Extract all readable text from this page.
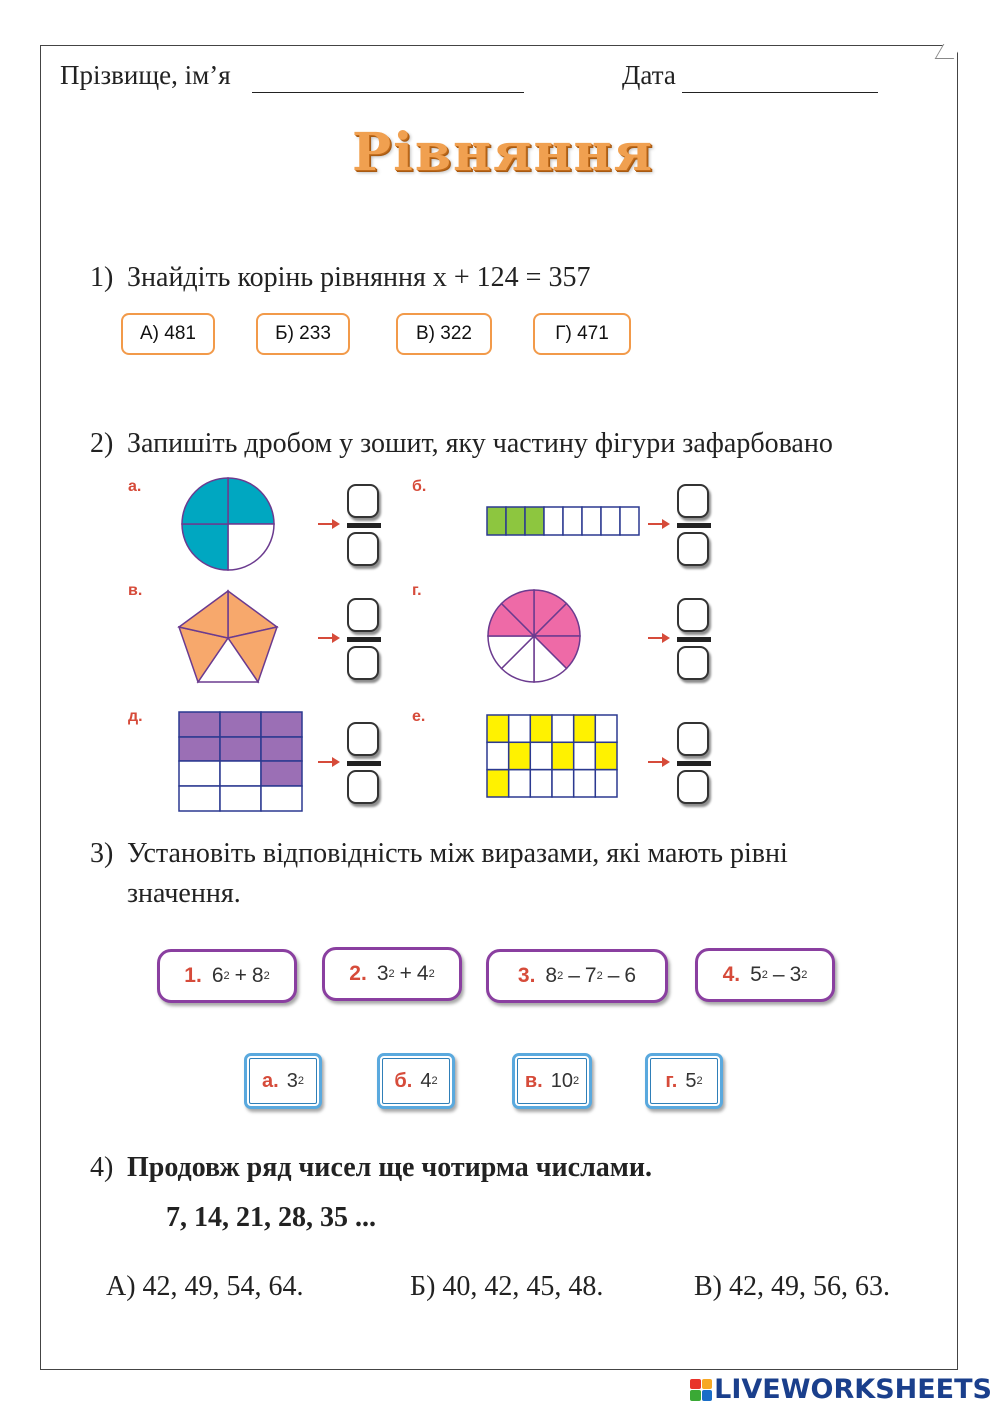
Прізвище, ім’я	Дата
Рівняння
1) Знайдіть корінь рівняння x + 124 = 357
А) 481	Б) 233	В) 322	Г) 471
2) Запишіть дробом у зошит, яку частину фігури зафарбовано
а.	б.
в.	г.
д.	е.
3) Установіть відповідність між виразами, які мають рівні
значення.
1. 6 2 + 8 2	2. 3 2 + 4 2	3. 8 2 – 7 2 – 6	4. 5 2 – 3 2
а. 3 2	б. 4 2	в. 10 2	г. 5 2
4) Продовж ряд чисел ще чотирма числами.
7, 14, 21, 28, 35 ...
А) 42, 49, 54, 64.	Б) 40, 42, 45, 48.	В) 42, 49, 56, 63.
LIVEWORKSHEETS
